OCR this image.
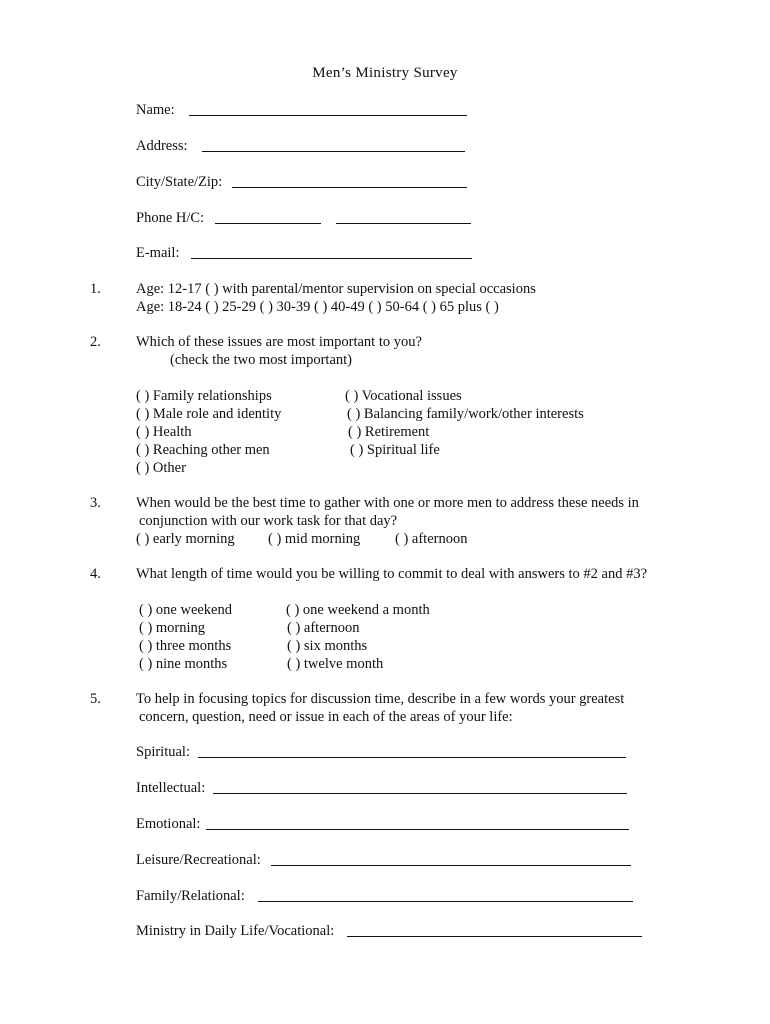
Men’s Ministry Survey
Name:
Address:
City/State/Zip:
Phone H/C:
E-mail:
1. Age: 12-17 ( ) with parental/mentor supervision on special occasions
Age: 18-24 ( ) 25-29 ( ) 30-39 ( ) 40-49 ( ) 50-64 ( ) 65 plus ( )
2. Which of these issues are most important to you?
(check the two most important)
( ) Family relationships
( ) Male role and identity
( ) Health
( ) Reaching other men
( ) Other
( ) Vocational issues
( ) Balancing family/work/other interests
( ) Retirement
( ) Spiritual life
3. When would be the best time to gather with one or more men to address these needs in
conjunction with our work task for that day?
( ) early morning ( ) mid morning ( ) afternoon
4. What length of time would you be willing to commit to deal with answers to #2 and #3?
( ) one weekend
( ) morning
( ) three months
( ) nine months
( ) one weekend a month
( ) afternoon
( ) six months
( ) twelve month
5. To help in focusing topics for discussion time, describe in a few words your greatest
concern, question, need or issue in each of the areas of your life:
Spiritual:
Intellectual:
Emotional:
Leisure/Recreational:
Family/Relational:
Ministry in Daily Life/Vocational:
